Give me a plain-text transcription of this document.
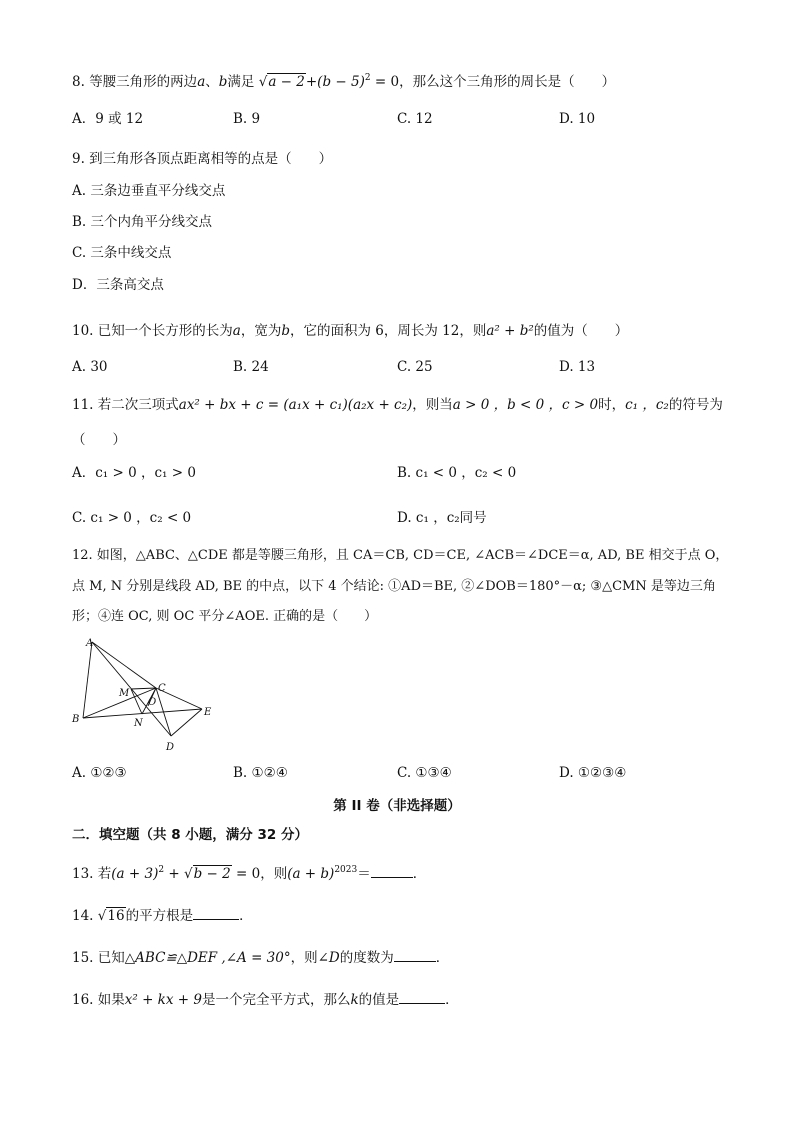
8. 等腰三角形的两边a、b满足 $√a - 2+(b - 5)^2 = 0$，那么这个三角形的周长是（　　）
A．9 或 12	B. 9	C. 12	D. 10
9. 到三角形各顶点距离相等的点是（　　）
A. 三条边垂直平分线交点
B. 三个内角平分线交点
C. 三条中线交点
D．三条高交点
10. 已知一个长方形的长为a，宽为b，它的面积为 6，周长为 12，则a² + b²的值为（　　）
A. 30	B. 24	C. 25	D. 13
11. 若二次三项式ax² + bx + c = (a₁x + c₁)(a₂x + c₂)，则当a > 0 ，b < 0 ，c > 0时，c₁ ，c₂的符号为
（　　）
A．c₁ > 0 ，c₁ > 0	B. c₁ < 0 ，c₂ < 0
C. c₁ > 0 ，c₂ < 0	D. c₁ ，c₂同号
12. 如图，△ABC、△CDE 都是等腰三角形，且 CA＝CB, CD＝CE, ∠ACB＝∠DCE＝α, AD, BE 相交于点 O，
点 M, N 分别是线段 AD, BE 的中点，以下 4 个结论: ①AD＝BE, ②∠DOB＝180°－α; ③△CMN 是等边三角
形；④连 OC, 则 OC 平分∠AOE. 正确的是（　　）
A
M	C
O
B	N
E
D
A. ①②③	B. ①②④	C. ①③④	D. ①②③④
第 II 卷（非选择题）
二．填空题（共 8 小题，满分 32 分）
13. 若$(a + 3)^2 + √b - 2 = 0$，则$(a + b)^{2023}=$	．
14. √16的平方根是	．
15. 已知△ABC≌△DEF ,∠A = 30°，则∠D的度数为	．
16. 如果x² + kx + 9是一个完全平方式，那么k的值是	．
